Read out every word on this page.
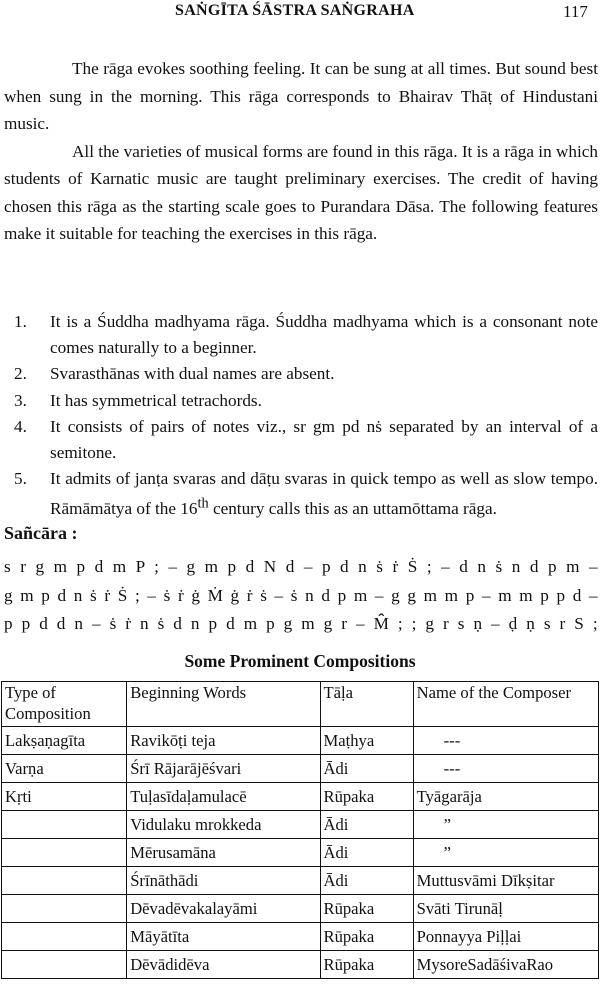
SAṄGĪTA ŚĀSTRA SAṄGRAHA	117

The rāga evokes soothing feeling. It can be sung at all times. But sound best when sung in the morning. This rāga corresponds to Bhairav Thāṭ of Hindustani music.

All the varieties of musical forms are found in this rāga. It is a rāga in which students of Karnatic music are taught preliminary exercises. The credit of having chosen this rāga as the starting scale goes to Purandara Dāsa. The following features make it suitable for teaching the exercises in this rāga.

1. It is a Śuddha madhyama rāga. Śuddha madhyama which is a consonant note comes naturally to a beginner.
2. Svarasthānas with dual names are absent.
3. It has symmetrical tetrachords.
4. It consists of pairs of notes viz., sr gm pd nṡ separated by an interval of a semitone.
5. It admits of janṭa svaras and dāṭu svaras in quick tempo as well as slow tempo. Rāmāmātya of the 16th century calls this as an uttamōttama rāga.
Sañcāra :
s r g m p d m P ; – g m p d N d – p d n ṡ ṙ Ṡ ; – d n ṡ n d p m –
g m p d n ṡ ṙ Ṡ ; – ṡ ṙ ġ Ṁ ġ ṙ ṡ – ṡ n d p m – g g m m p – m m p p d –
p p d d n – ṡ ṙ n ṡ d n p d m p g m g r – M̂̂̂ ; ; g r s ṇ – ḍ ṇ s r S ;
Some Prominent Compositions
Type of Composition	Beginning Words	Tāḷa	Name of the Composer
Lakṣaṇagīta	Ravikōṭi teja	Maṭhya	---
Varṇa	Śrī Rājarājēśvari	Ādi	---
Kṛti	Tuḷasīdaḷamulacē	Rūpaka	Tyāgarāja
	Vidulaku mrokkeda	Ādi	”
	Mērusamāna	Ādi	”
	Śrīnāthādi	Ādi	Muttusvāmi Dīkṣitar
	Dēvadēvakalayāmi	Rūpaka	Svāti Tirunāḷ
	Māyātīta	Rūpaka	Ponnayya Piḷḷai
	Dēvādidēva	Rūpaka	MysoreSadāśivaRao
